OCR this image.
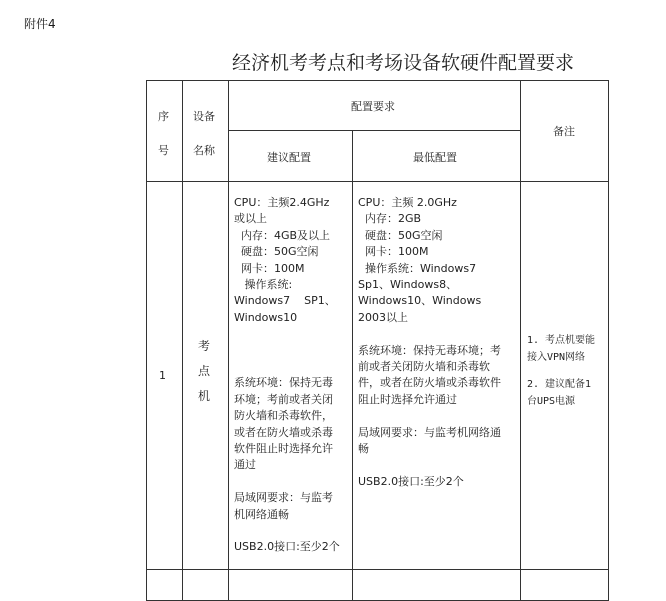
附件4
经济机考考点和考场设备软硬件配置要求
序
号
设备
名称
配置要求
建议配置	最低配置
备注
1
考
点
机
CPU：主频2.4GHz
或以上
内存：4GB及以上
硬盘：50G空闲
网卡：100M
操作系统:
Windows7    SP1、
Windows10
系统环境：保持无毒
环境；考前或者关闭
防火墙和杀毒软件，
或者在防火墙或杀毒
软件阻止时选择允许
通过
局域网要求：与监考
机网络通畅
USB2.0接口:至少2个
CPU：主频 2.0GHz
内存：2GB
硬盘：50G空闲
网卡：100M
操作系统：Windows7
Sp1、Windows8、
Windows10、Windows
2003以上
系统环境：保持无毒环境；考
前或者关闭防火墙和杀毒软
件，或者在防火墙或杀毒软件
阻止时选择允许通过
局域网要求：与监考机网络通
畅
USB2.0接口:至少2个
1. 考点机要能
接入VPN网络
2. 建议配备1
台UPS电源
